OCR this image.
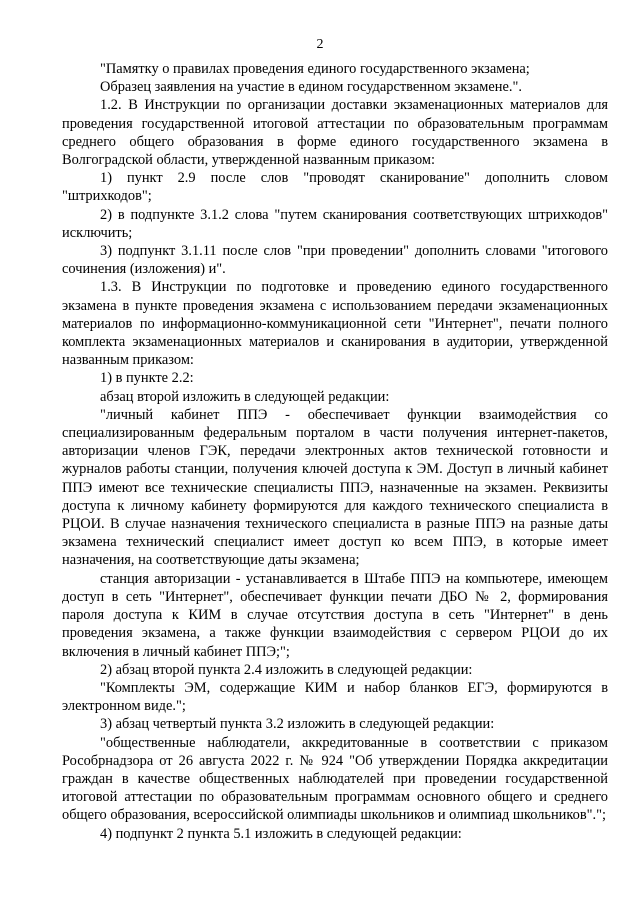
2

"Памятку о правилах проведения единого государственного экзамена;

Образец заявления на участие в едином государственном экзамене.".

1.2. В Инструкции по организации доставки экзаменационных материалов для проведения государственной итоговой аттестации по образовательным программам среднего общего образования в форме единого государственного экзамена в Волгоградской области, утвержденной названным приказом:

1) пункт 2.9 после слов "проводят сканирование" дополнить словом "штрихкодов";

2) в подпункте 3.1.2 слова "путем сканирования соответствующих штрихкодов" исключить;

3) подпункт 3.1.11 после слов "при проведении" дополнить словами "итогового сочинения (изложения) и".

1.3. В Инструкции по подготовке и проведению единого государственного экзамена в пункте проведения экзамена с использованием передачи экзаменационных материалов по информационно-коммуникационной сети "Интернет", печати полного комплекта экзаменационных материалов и сканирования в аудитории, утвержденной названным приказом:

1) в пункте 2.2:

абзац второй изложить в следующей редакции:

"личный кабинет ППЭ - обеспечивает функции взаимодействия со специализированным федеральным порталом в части получения интернет-пакетов, авторизации членов ГЭК, передачи электронных актов технической готовности и журналов работы станции, получения ключей доступа к ЭМ. Доступ в личный кабинет ППЭ имеют все технические специалисты ППЭ, назначенные на экзамен. Реквизиты доступа к личному кабинету формируются для каждого технического специалиста в РЦОИ. В случае назначения технического специалиста в разные ППЭ на разные даты экзамена технический специалист имеет доступ ко всем ППЭ, в которые имеет назначения, на соответствующие даты экзамена;

станция авторизации - устанавливается в Штабе ППЭ на компьютере, имеющем доступ в сеть "Интернет", обеспечивает функции печати ДБО № 2, формирования пароля доступа к КИМ в случае отсутствия доступа в сеть "Интернет" в день проведения экзамена, а также функции взаимодействия с сервером РЦОИ до их включения в личный кабинет ППЭ;";

2) абзац второй пункта 2.4 изложить в следующей редакции:

"Комплекты ЭМ, содержащие КИМ и набор бланков ЕГЭ, формируются в электронном виде.";

3) абзац четвертый пункта 3.2 изложить в следующей редакции:

"общественные наблюдатели, аккредитованные в соответствии с приказом Рособрнадзора от 26 августа 2022 г. № 924 "Об утверждении Порядка аккредитации граждан в качестве общественных наблюдателей при проведении государственной итоговой аттестации по образовательным программам основного общего и среднего общего образования, всероссийской олимпиады школьников и олимпиад школьников".";

4) подпункт 2 пункта 5.1 изложить в следующей редакции:
